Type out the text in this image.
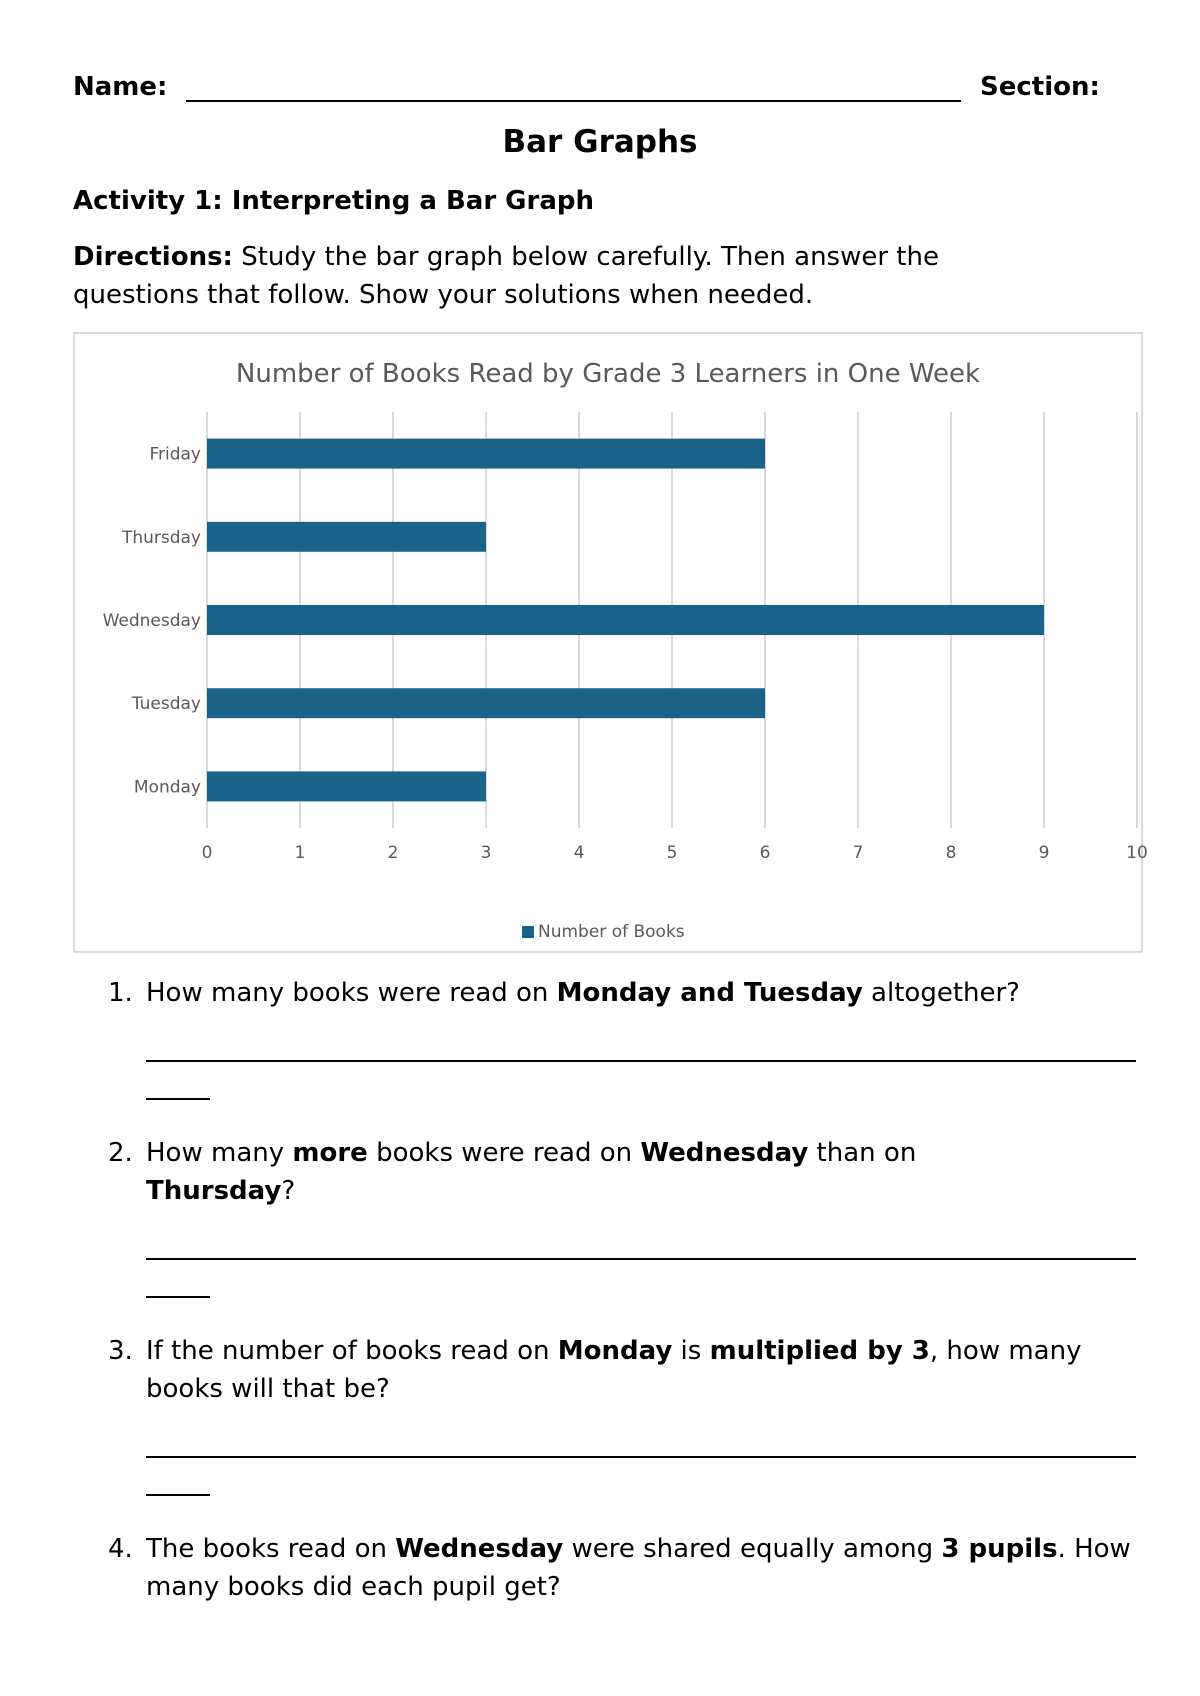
Name:	Section:
Bar Graphs
Activity 1: Interpreting a Bar Graph
Directions: Study the bar graph below carefully. Then answer the questions that follow. Show your solutions when needed.
Number of Books Read by Grade 3 Learners in One Week
Monday
Tuesday
Wednesday
Thursday
Friday
0	1	2	3	4	5	6	7	8	9	10
Number of Books
1. How many books were read on Monday and Tuesday altogether?
2. How many more books were read on Wednesday than on
Thursday?
3. If the number of books read on Monday is multiplied by 3, how many books will that be?
4. The books read on Wednesday were shared equally among 3 pupils. How many books did each pupil get?
